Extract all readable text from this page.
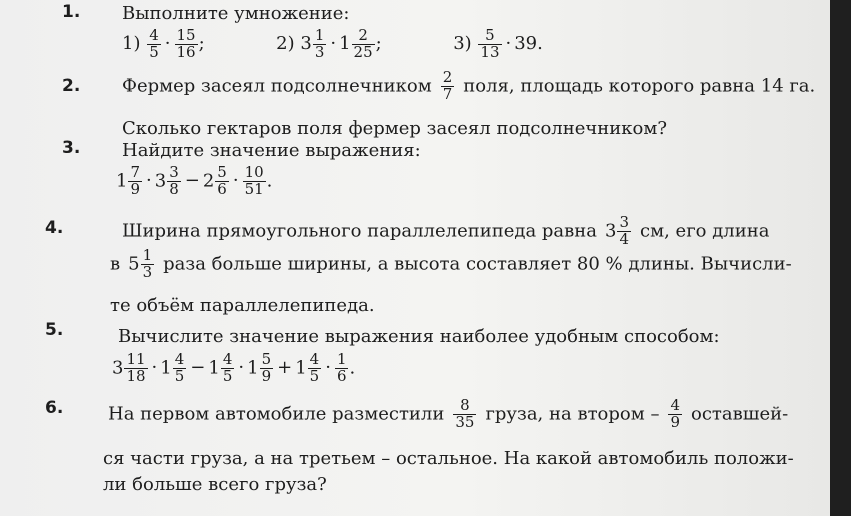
1. Выполните умножение:
$1) \frac{4}{5} \cdot \frac{15}{16}$ ;	2) $3 \frac{1}{3} \cdot 1 \frac{2}{25}$ ;	$3) \frac{5}{13} \cdot 39$.
2. Фермер засеял подсолнечником $\frac{2}{7}$ поля, площадь которого равна 14 га.
Сколько гектаров поля фермер засеял подсолнечником?
3. Найдите значение выражения:
$1 \frac{7}{9} \cdot 3 \frac{3}{8} - 2 \frac{5}{6} \cdot \frac{10}{51}$ .
4.	Ширина прямоугольного параллелепипеда равна $3 \frac{3}{4}$ см, его длина
в $5 \frac{1}{3}$ раза больше ширины, а высота составляет 80 % длины. Вычисли-
те объём параллелепипеда.
5.	Вычислите значение выражения наиболее удобным способом:
$3 \frac{11}{18} \cdot 1 \frac{4}{5} - 1 \frac{4}{5} \cdot 1 \frac{5}{9} + 1 \frac{4}{5} \cdot \frac{1}{6}$ .
6. На первом автомобиле разместили $\frac{8}{35}$ груза, на втором – $\frac{4}{9}$ оставшей-
ся части груза, а на третьем – остальное. На какой автомобиль положи-
ли больше всего груза?
